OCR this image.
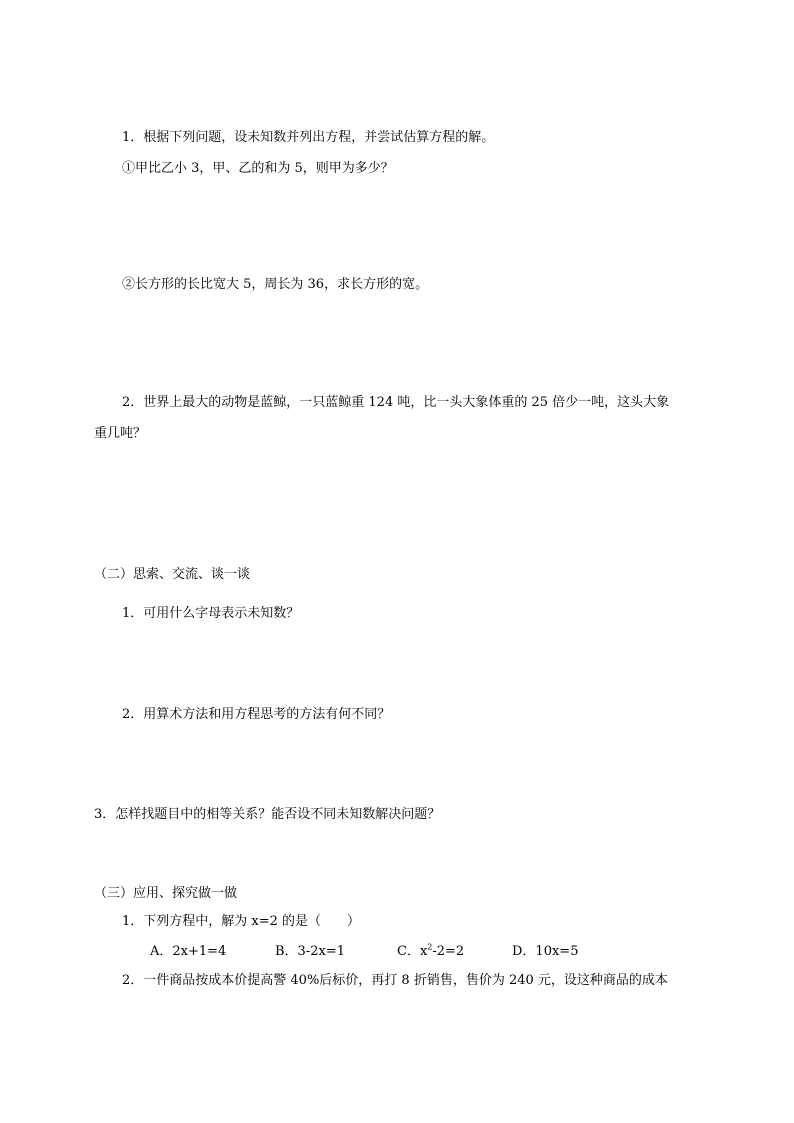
1．根据下列问题，设未知数并列出方程，并尝试估算方程的解。
①甲比乙小 3，甲、乙的和为 5，则甲为多少？
②长方形的长比宽大 5，周长为 36，求长方形的宽。
2．世界上最大的动物是蓝鲸，一只蓝鲸重 124 吨，比一头大象体重的 25 倍少一吨，这头大象
重几吨？
（二）思索、交流、谈一谈
1．可用什么字母表示未知数？
2．用算术方法和用方程思考的方法有何不同？
3．怎样找题目中的相等关系？能否设不同未知数解决问题？
（三）应用、探究做一做
1．下列方程中，解为 x=2 的是（　　）
A．2x+1=4	B．3-2x=1	C．$x^2-2=2$	D．10x=5
2．一件商品按成本价提高警 40%后标价，再打 8 折销售，售价为 240 元，设这种商品的成本
